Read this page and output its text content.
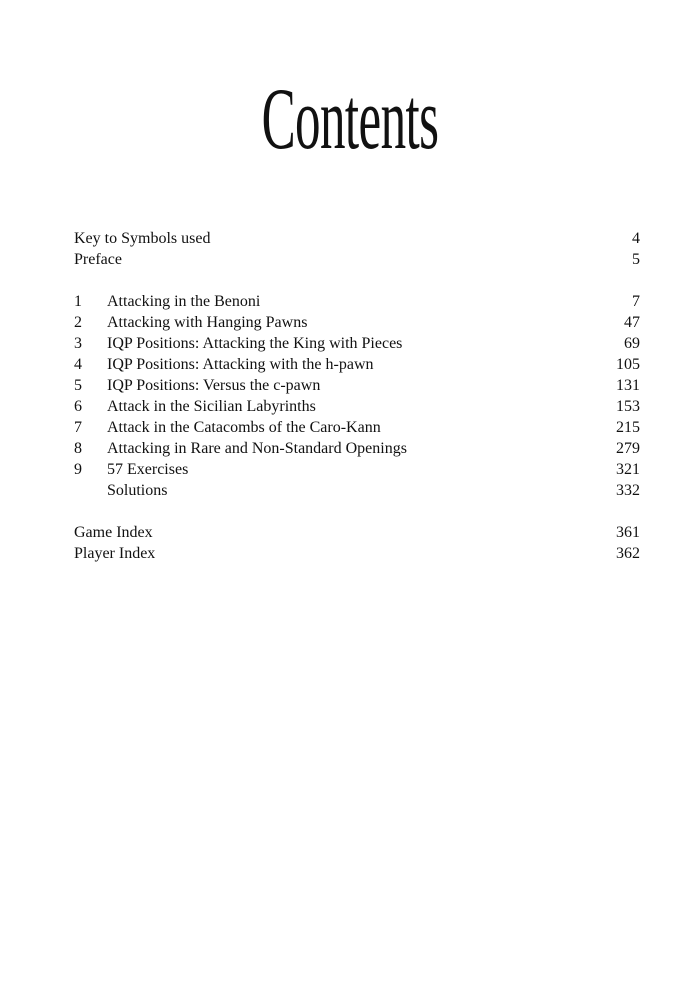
Contents
Key to Symbols used	4
Preface	5
1	Attacking in the Benoni	7
2	Attacking with Hanging Pawns	47
3	IQP Positions: Attacking the King with Pieces	69
4	IQP Positions: Attacking with the h-pawn	105
5	IQP Positions: Versus the c-pawn	131
6	Attack in the Sicilian Labyrinths	153
7	Attack in the Catacombs of the Caro-Kann	215
8	Attacking in Rare and Non-Standard Openings	279
9	57 Exercises	321
Solutions	332
Game Index	361
Player Index	362
